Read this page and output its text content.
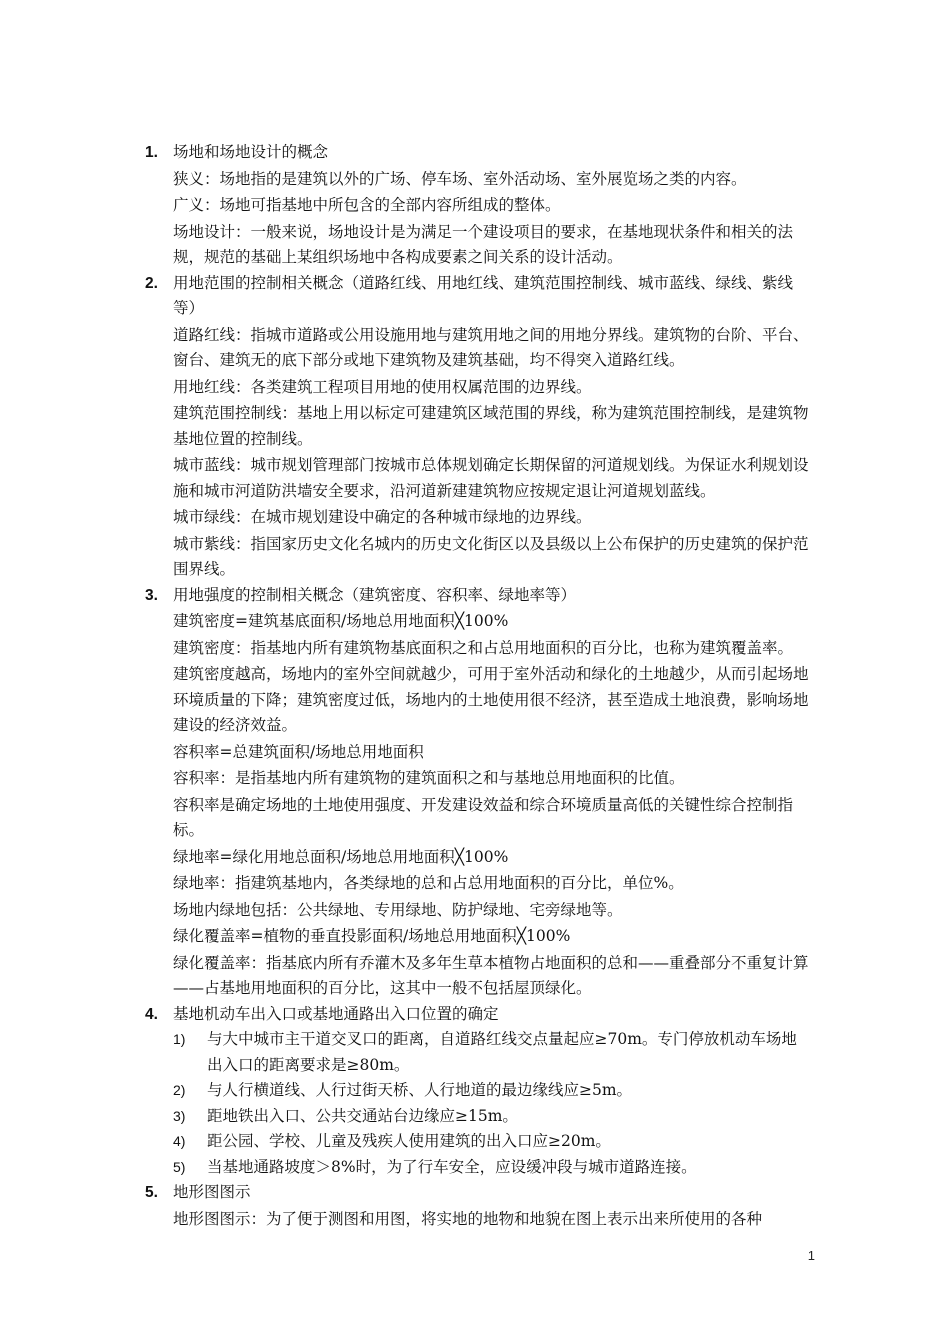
1. 场地和场地设计的概念
狭义：场地指的是建筑以外的广场、停车场、室外活动场、室外展览场之类的内容。
广义：场地可指基地中所包含的全部内容所组成的整体。
场地设计：一般来说，场地设计是为满足一个建设项目的要求，在基地现状条件和相关的法规，规范的基础上某组织场地中各构成要素之间关系的设计活动。
2. 用地范围的控制相关概念（道路红线、用地红线、建筑范围控制线、城市蓝线、绿线、紫线等）
道路红线：指城市道路或公用设施用地与建筑用地之间的用地分界线。建筑物的台阶、平台、窗台、建筑无的底下部分或地下建筑物及建筑基础，均不得突入道路红线。
用地红线：各类建筑工程项目用地的使用权属范围的边界线。
建筑范围控制线：基地上用以标定可建建筑区域范围的界线，称为建筑范围控制线，是建筑物基地位置的控制线。
城市蓝线：城市规划管理部门按城市总体规划确定长期保留的河道规划线。为保证水利规划设施和城市河道防洪墙安全要求，沿河道新建建筑物应按规定退让河道规划蓝线。
城市绿线：在城市规划建设中确定的各种城市绿地的边界线。
城市紫线：指国家历史文化名城内的历史文化街区以及县级以上公布保护的历史建筑的保护范围界线。
3. 用地强度的控制相关概念（建筑密度、容积率、绿地率等）
建筑密度=建筑基底面积/场地总用地面积╳100%
建筑密度：指基地内所有建筑物基底面积之和占总用地面积的百分比，也称为建筑覆盖率。
建筑密度越高，场地内的室外空间就越少，可用于室外活动和绿化的土地越少，从而引起场地环境质量的下降；建筑密度过低，场地内的土地使用很不经济，甚至造成土地浪费，影响场地建设的经济效益。
容积率=总建筑面积/场地总用地面积
容积率：是指基地内所有建筑物的建筑面积之和与基地总用地面积的比值。
容积率是确定场地的土地使用强度、开发建设效益和综合环境质量高低的关键性综合控制指标。
绿地率=绿化用地总面积/场地总用地面积╳100%
绿地率：指建筑基地内，各类绿地的总和占总用地面积的百分比，单位%。
场地内绿地包括：公共绿地、专用绿地、防护绿地、宅旁绿地等。
绿化覆盖率=植物的垂直投影面积/场地总用地面积╳100%
绿化覆盖率：指基底内所有乔灌木及多年生草本植物占地面积的总和——重叠部分不重复计算——占基地用地面积的百分比，这其中一般不包括屋顶绿化。
4. 基地机动车出入口或基地通路出入口位置的确定
1)	与大中城市主干道交叉口的距离，自道路红线交点量起应≥70m。专门停放机动车场地出入口的距离要求是≥80m。
2)	与人行横道线、人行过街天桥、人行地道的最边缘线应≥5m。
3)	距地铁出入口、公共交通站台边缘应≥15m。
4)	距公园、学校、儿童及残疾人使用建筑的出入口应≥20m。
5)	当基地通路坡度＞8%时，为了行车安全，应设缓冲段与城市道路连接。
5. 地形图图示
地形图图示：为了便于测图和用图，将实地的地物和地貌在图上表示出来所使用的各种
1
